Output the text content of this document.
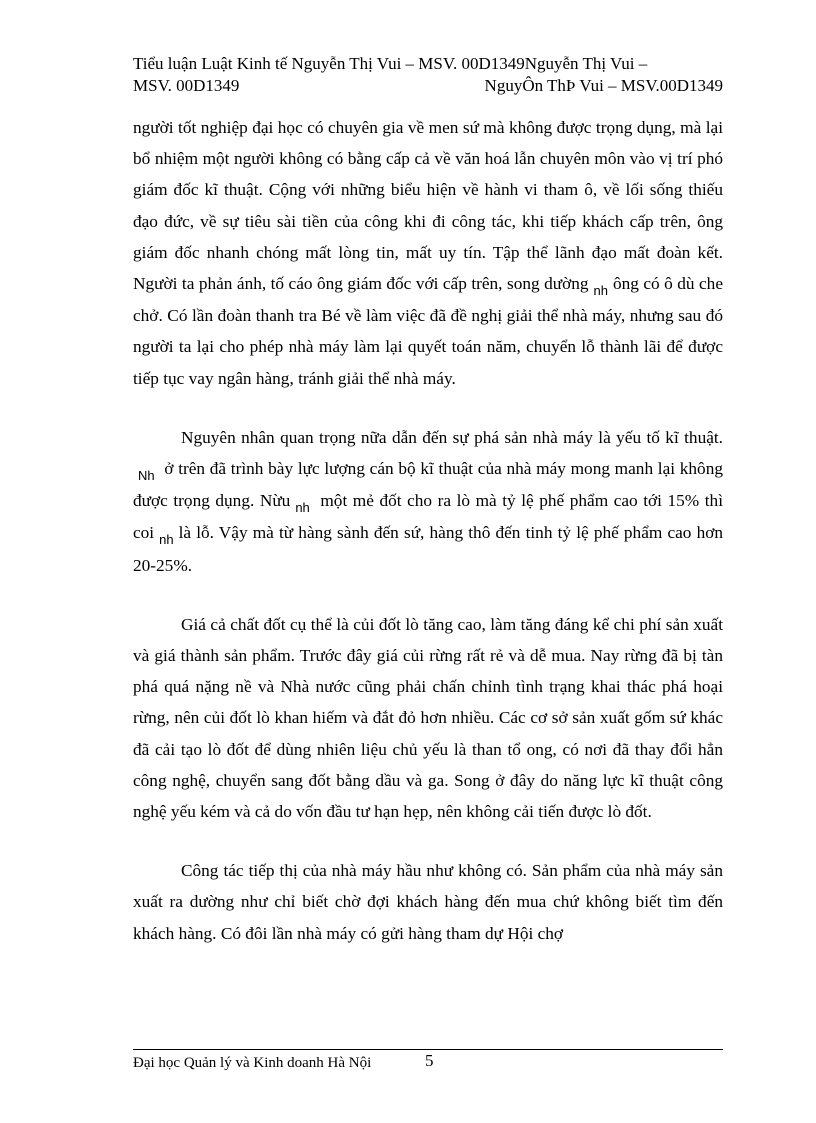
Tiểu luận Luật Kinh tế Nguyễn Thị Vui – MSV. 00D1349Nguyễn Thị Vui –
MSV. 00D1349	NguyÔn ThÞ Vui – MSV.00D1349

người tốt nghiệp đại học có chuyên gia về men sứ mà không được trọng dụng, mà lại bổ nhiệm một người không có bằng cấp cả về văn hoá lẫn chuyên môn vào vị trí phó giám đốc kĩ thuật. Cộng với những biểu hiện về hành vi tham ô, về lối sống thiếu đạo đức, về sự tiêu sài tiền của công khi đi công tác, khi tiếp khách cấp trên, ông giám đốc nhanh chóng mất lòng tin, mất uy tín. Tập thể lãnh đạo mất đoàn kết. Người ta phản ánh, tố cáo ông giám đốc với cấp trên, song dường $_{nh}$ ông có ô dù che chở. Có lần đoàn thanh tra Bé về làm việc đã đề nghị giải thể nhà máy, nhưng sau đó người ta lại cho phép nhà máy làm lại quyết toán năm, chuyển lỗ thành lãi để được tiếp tục vay ngân hàng, tránh giải thể nhà máy.

Nguyên nhân quan trọng nữa dẫn đến sự phá sản nhà máy là yếu tố kĩ thuật. $_{Nh}$ ở trên đã trình bày lực lượng cán bộ kĩ thuật của nhà máy mong manh lại không được trọng dụng. Nừu $_{nh}$ một mẻ đốt cho ra lò mà tỷ lệ phế phẩm cao tới 15% thì coi $_{nh}$ là lỗ. Vậy mà từ hàng sành đến sứ, hàng thô đến tinh tỷ lệ phế phẩm cao hơn 20-25%.

Giá cả chất đốt cụ thể là củi đốt lò tăng cao, làm tăng đáng kể chi phí sản xuất và giá thành sản phẩm. Trước đây giá củi rừng rất rẻ và dễ mua. Nay rừng đã bị tàn phá quá nặng nề và Nhà nước cũng phải chấn chỉnh tình trạng khai thác phá hoại rừng, nên củi đốt lò khan hiếm và đắt đỏ hơn nhiều. Các cơ sở sản xuất gốm sứ khác đã cải tạo lò đốt để dùng nhiên liệu chủ yếu là than tổ ong, có nơi đã thay đổi hẳn công nghệ, chuyển sang đốt bằng dầu và ga. Song ở đây do năng lực kĩ thuật công nghệ yếu kém và cả do vốn đầu tư hạn hẹp, nên không cải tiến được lò đốt.

Công tác tiếp thị của nhà máy hầu như không có. Sản phẩm của nhà máy sản xuất ra dường như chỉ biết chờ đợi khách hàng đến mua chứ không biết tìm đến khách hàng. Có đôi lần nhà máy có gửi hàng tham dự Hội chợ

Đại học Quản lý và Kinh doanh Hà Nội	5
